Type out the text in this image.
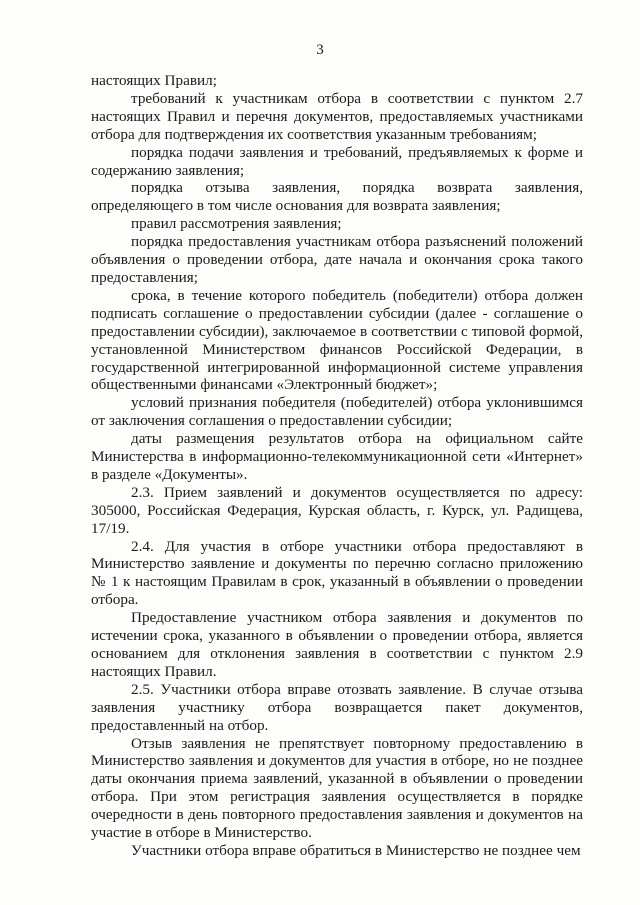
3

настоящих Правил;

требований к участникам отбора в соответствии с пунктом 2.7 настоящих Правил и перечня документов, предоставляемых участниками отбора для подтверждения их соответствия указанным требованиям;

порядка подачи заявления и требований, предъявляемых к форме и содержанию заявления;

порядка отзыва заявления, порядка возврата заявления, определяющего в том числе основания для возврата заявления;

правил рассмотрения заявления;

порядка предоставления участникам отбора разъяснений положений объявления о проведении отбора, дате начала и окончания срока такого предоставления;

срока, в течение которого победитель (победители) отбора должен подписать соглашение о предоставлении субсидии (далее - соглашение о предоставлении субсидии), заключаемое в соответствии с типовой формой, установленной Министерством финансов Российской Федерации, в государственной интегрированной информационной системе управления общественными финансами «Электронный бюджет»;

условий признания победителя (победителей) отбора уклонившимся от заключения соглашения о предоставлении субсидии;

даты размещения результатов отбора на официальном сайте Министерства в информационно-телекоммуникационной сети «Интернет» в разделе «Документы».

2.3. Прием заявлений и документов осуществляется по адресу: 305000, Российская Федерация, Курская область, г. Курск, ул. Радищева, 17/19.

2.4. Для участия в отборе участники отбора предоставляют в Министерство заявление и документы по перечню согласно приложению № 1 к настоящим Правилам в срок, указанный в объявлении о проведении отбора.

Предоставление участником отбора заявления и документов по истечении срока, указанного в объявлении о проведении отбора, является основанием для отклонения заявления в соответствии с пунктом 2.9 настоящих Правил.

2.5. Участники отбора вправе отозвать заявление. В случае отзыва заявления участнику отбора возвращается пакет документов, предоставленный на отбор.

Отзыв заявления не препятствует повторному предоставлению в Министерство заявления и документов для участия в отборе, но не позднее даты окончания приема заявлений, указанной в объявлении о проведении отбора. При этом регистрация заявления осуществляется в порядке очередности в день повторного предоставления заявления и документов на участие в отборе в Министерство.

Участники отбора вправе обратиться в Министерство не позднее чем
